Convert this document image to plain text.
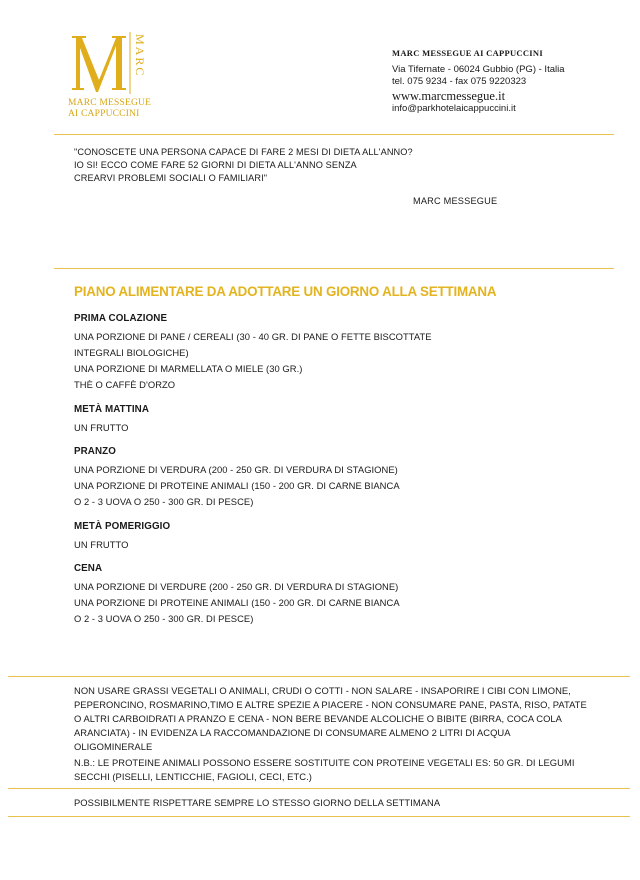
MARC
MARC MESSEGUE
AI CAPPUCCINI
MARC MESSEGUE AI CAPPUCCINI
Via Tifernate - 06024 Gubbio (PG) - Italia
tel. 075 9234 - fax 075 9220323
www.marcmessegue.it
info@parkhotelaicappuccini.it
"CONOSCETE UNA PERSONA CAPACE DI FARE 2 MESI DI DIETA ALL'ANNO?
IO SI! ECCO COME FARE 52 GIORNI DI DIETA ALL'ANNO SENZA
CREARVI PROBLEMI SOCIALI O FAMILIARI"
MARC MESSEGUE
PIANO ALIMENTARE DA ADOTTARE UN GIORNO ALLA SETTIMANA
PRIMA COLAZIONE
UNA PORZIONE DI PANE / CEREALI (30 - 40 GR. DI PANE O FETTE BISCOTTATE
INTEGRALI BIOLOGICHE)
UNA PORZIONE DI MARMELLATA O MIELE (30 GR.)
THÈ O CAFFÈ D'ORZO
METÀ MATTINA
UN FRUTTO
PRANZO
UNA PORZIONE DI VERDURA (200 - 250 GR. DI VERDURA DI STAGIONE)
UNA PORZIONE DI PROTEINE ANIMALI (150 - 200 GR. DI CARNE BIANCA
O 2 - 3 UOVA O 250 - 300 GR. DI PESCE)
METÀ POMERIGGIO
UN FRUTTO
CENA
UNA PORZIONE DI VERDURE (200 - 250 GR. DI VERDURA DI STAGIONE)
UNA PORZIONE DI PROTEINE ANIMALI (150 - 200 GR. DI CARNE BIANCA
O 2 - 3 UOVA O 250 - 300 GR. DI PESCE)
NON USARE GRASSI VEGETALI O ANIMALI, CRUDI O COTTI - NON SALARE - INSAPORIRE I CIBI CON LIMONE,
PEPERONCINO, ROSMARINO,TIMO E ALTRE SPEZIE A PIACERE - NON CONSUMARE PANE, PASTA, RISO, PATATE
O ALTRI CARBOIDRATI A PRANZO E CENA - NON BERE BEVANDE ALCOLICHE O BIBITE (BIRRA, COCA COLA
ARANCIATA) - IN EVIDENZA LA RACCOMANDAZIONE DI CONSUMARE ALMENO 2 LITRI DI ACQUA
OLIGOMINERALE
N.B.: LE PROTEINE ANIMALI POSSONO ESSERE SOSTITUITE CON PROTEINE VEGETALI ES: 50 GR. DI LEGUMI
SECCHI (PISELLI, LENTICCHIE, FAGIOLI, CECI, ETC.)
POSSIBILMENTE RISPETTARE SEMPRE LO STESSO GIORNO DELLA SETTIMANA
